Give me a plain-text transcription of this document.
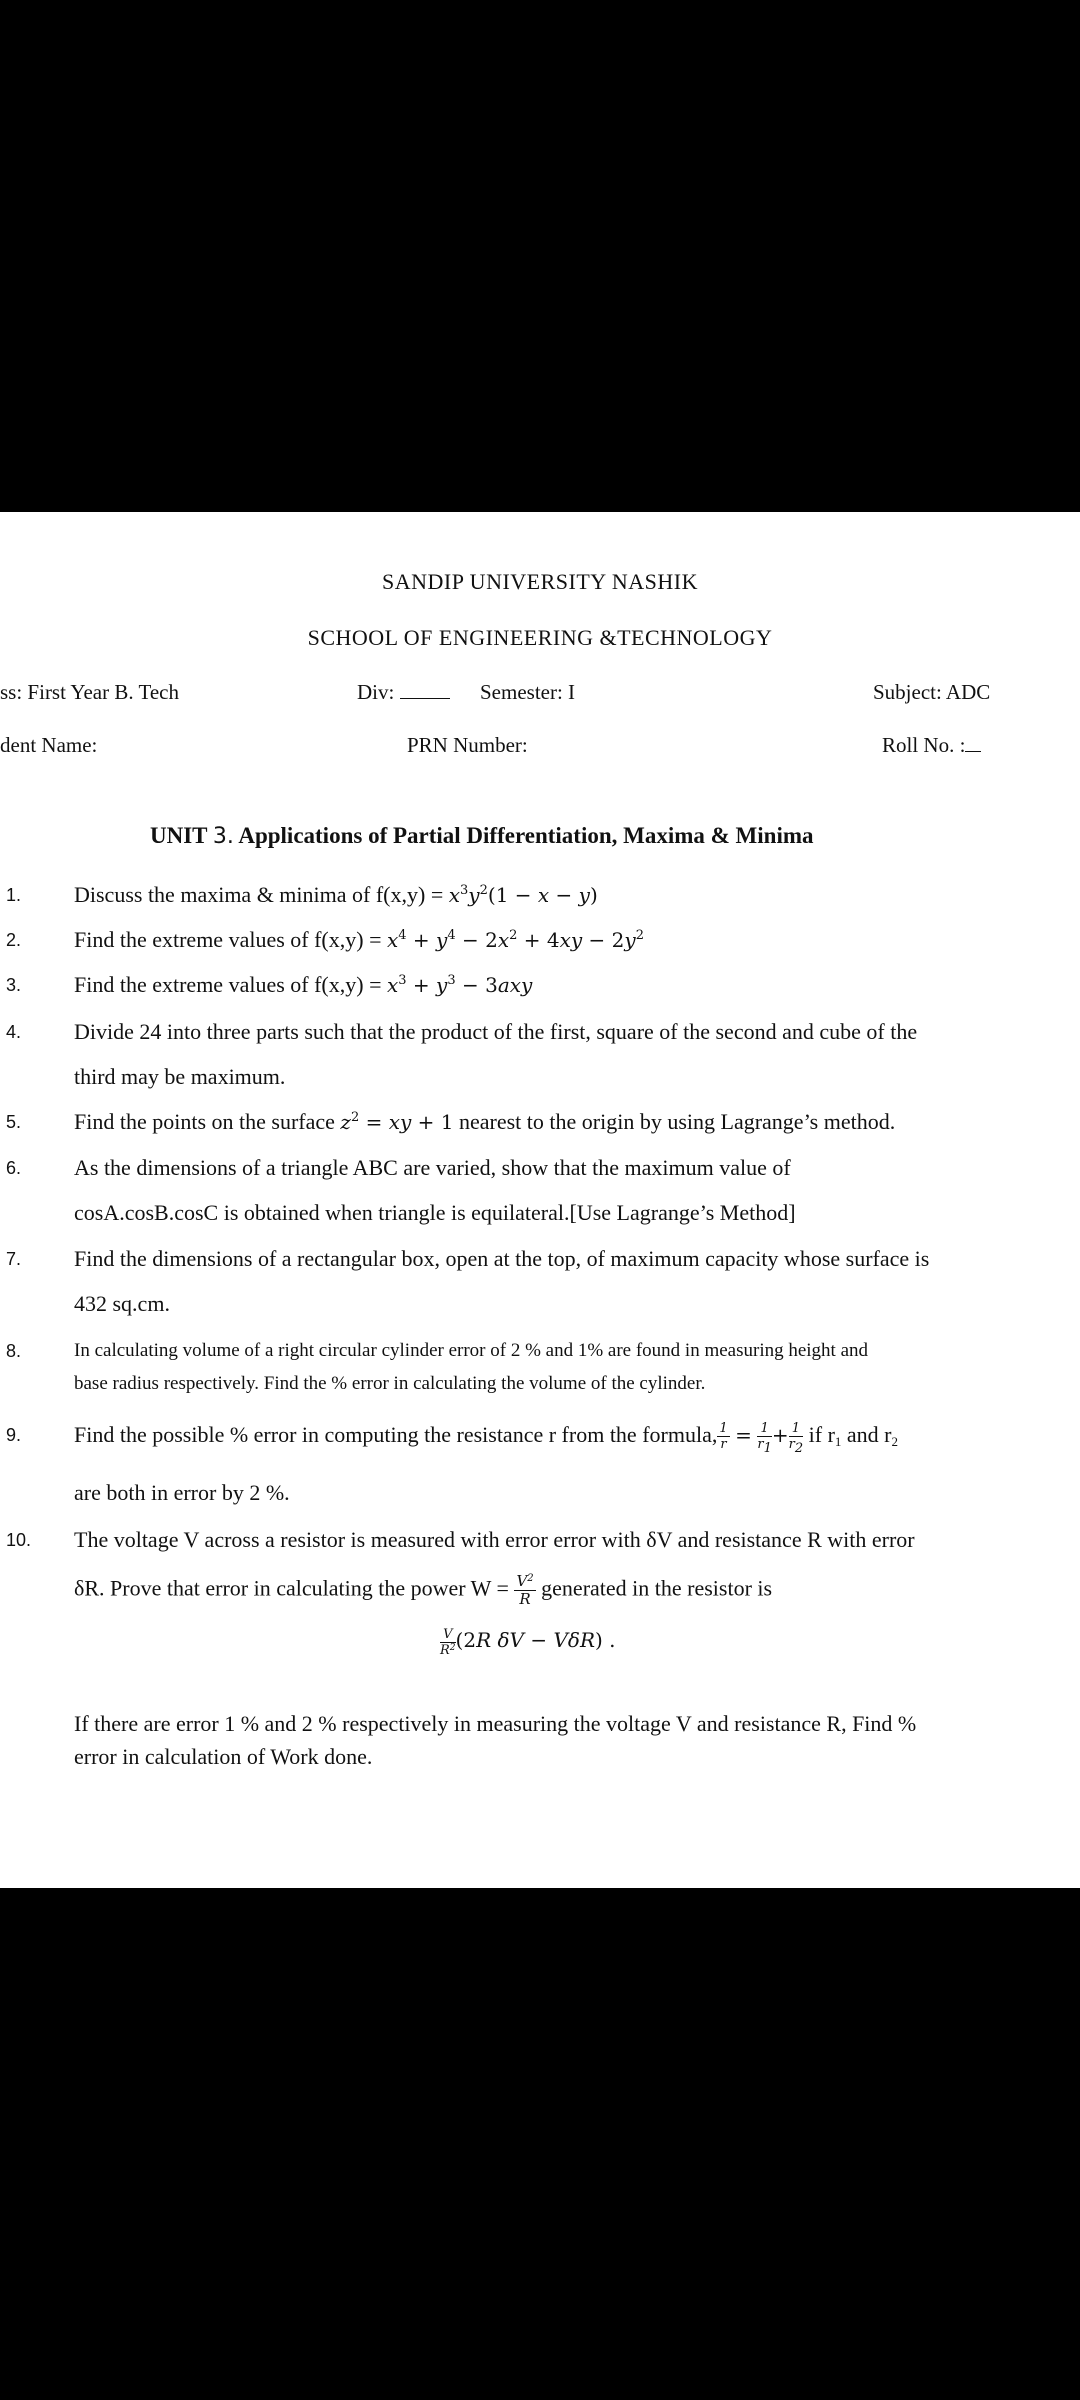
SANDIP UNIVERSITY NASHIK
SCHOOL OF ENGINEERING &TECHNOLOGY
ss: First Year B. Tech	Div:	Semester: I	Subject: ADC
dent Name:	PRN Number:	Roll No. :
UNIT 3. Applications of Partial Differentiation, Maxima & Minima
1. Discuss the maxima & minima of $f(x,y) = x^3y^2(1 - x - y)$
2. Find the extreme values of $f(x,y) = x^4 + y^4 - 2x^2 + 4xy - 2y^2$
3. Find the extreme values of $f(x,y) = x^3 + y^3 - 3axy$
4. Divide 24 into three parts such that the product of the first, square of the second and cube of the
third may be maximum.
5. Find the points on the surface $z^2$ = xy + 1 nearest to the origin by using Lagrange’s method.
6. As the dimensions of a triangle ABC are varied, show that the maximum value of
cosA.cosB.cosC is obtained when triangle is equilateral.[Use Lagrange’s Method]
7. Find the dimensions of a rectangular box, open at the top, of maximum capacity whose surface is
432 sq.cm.
8.	In calculating volume of a right circular cylinder error of 2 % and 1% are found in measuring height and
base radius respectively. Find the % error in calculating the volume of the cylinder.
9. Find the possible % error in computing the resistance r from the formula, $\frac{1}{r} = \frac{1}{r_1} + \frac{1}{r_2}$ if $r_1$ and $r_2$
are both in error by 2 %.
10. The voltage V across a resistor is measured with error error with δV and resistance R with error
δR. Prove that error in calculating the power $W = \frac{V^2}{R}$ generated in the resistor is
$\frac{V}{R^2} (2R$ δV − VδR) .
If there are error 1 % and 2 % respectively in measuring the voltage V and resistance R, Find %
error in calculation of Work done.
